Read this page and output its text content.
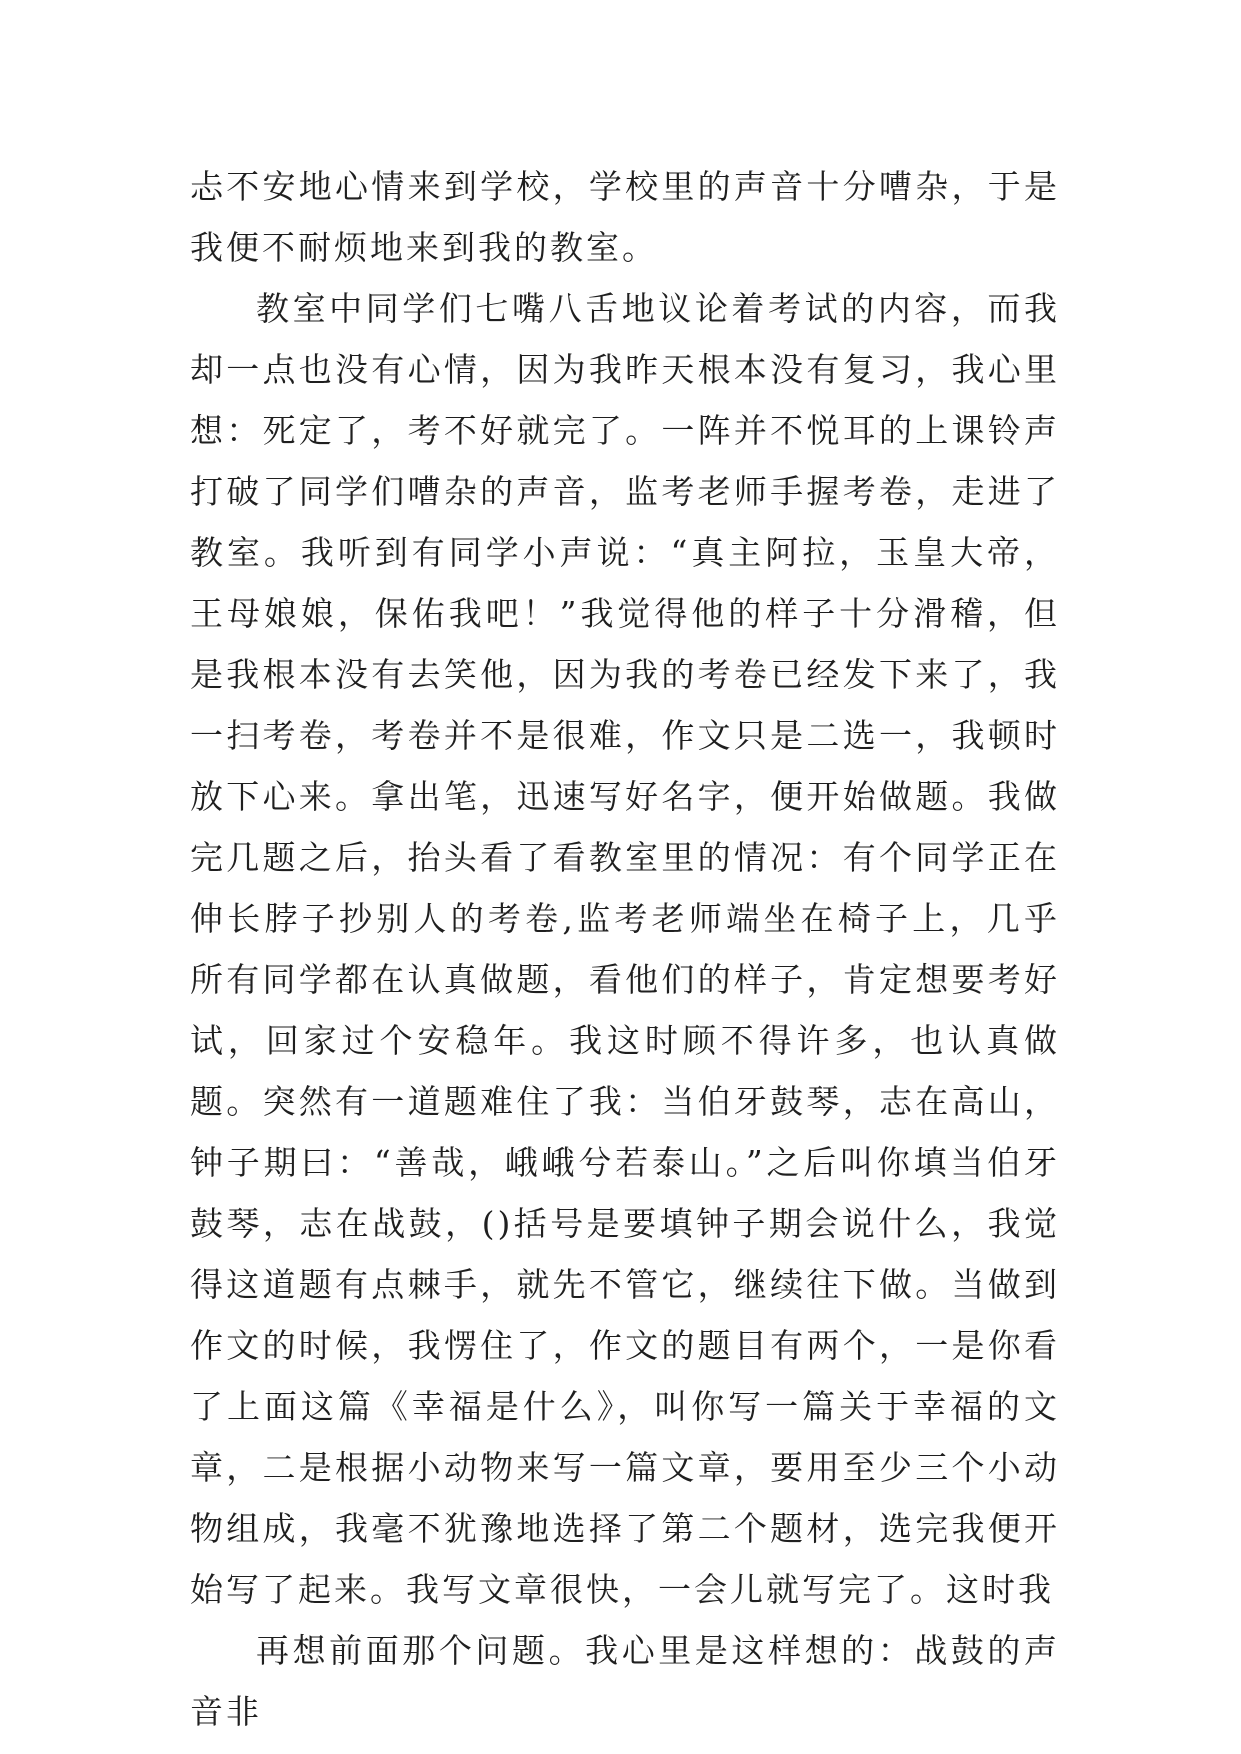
忐不安地心情来到学校，学校里的声音十分嘈杂，于是我便不耐烦地来到我的教室。

教室中同学们七嘴八舌地议论着考试的内容，而我却一点也没有心情，因为我昨天根本没有复习，我心里想：死定了，考不好就完了。一阵并不悦耳的上课铃声打破了同学们嘈杂的声音，监考老师手握考卷，走进了教室。我听到有同学小声说：“真主阿拉，玉皇大帝，王母娘娘，保佑我吧！”我觉得他的样子十分滑稽，但是我根本没有去笑他，因为我的考卷已经发下来了，我一扫考卷，考卷并不是很难，作文只是二选一，我顿时放下心来。拿出笔，迅速写好名字，便开始做题。我做完几题之后，抬头看了看教室里的情况：有个同学正在伸长脖子抄别人的考卷,监考老师端坐在椅子上，几乎所有同学都在认真做题，看他们的样子，肯定想要考好试，回家过个安稳年。我这时顾不得许多，也认真做题。突然有一道题难住了我：当伯牙鼓琴，志在高山，钟子期曰：“善哉，峨峨兮若泰山。”之后叫你填当伯牙鼓琴，志在战鼓，()括号是要填钟子期会说什么，我觉得这道题有点棘手，就先不管它，继续往下做。当做到作文的时候，我愣住了，作文的题目有两个，一是你看了上面这篇《幸福是什么》，叫你写一篇关于幸福的文章，二是根据小动物来写一篇文章，要用至少三个小动物组成，我毫不犹豫地选择了第二个题材，选完我便开始写了起来。我写文章很快，一会儿就写完了。这时我

再想前面那个问题。我心里是这样想的：战鼓的声音非
